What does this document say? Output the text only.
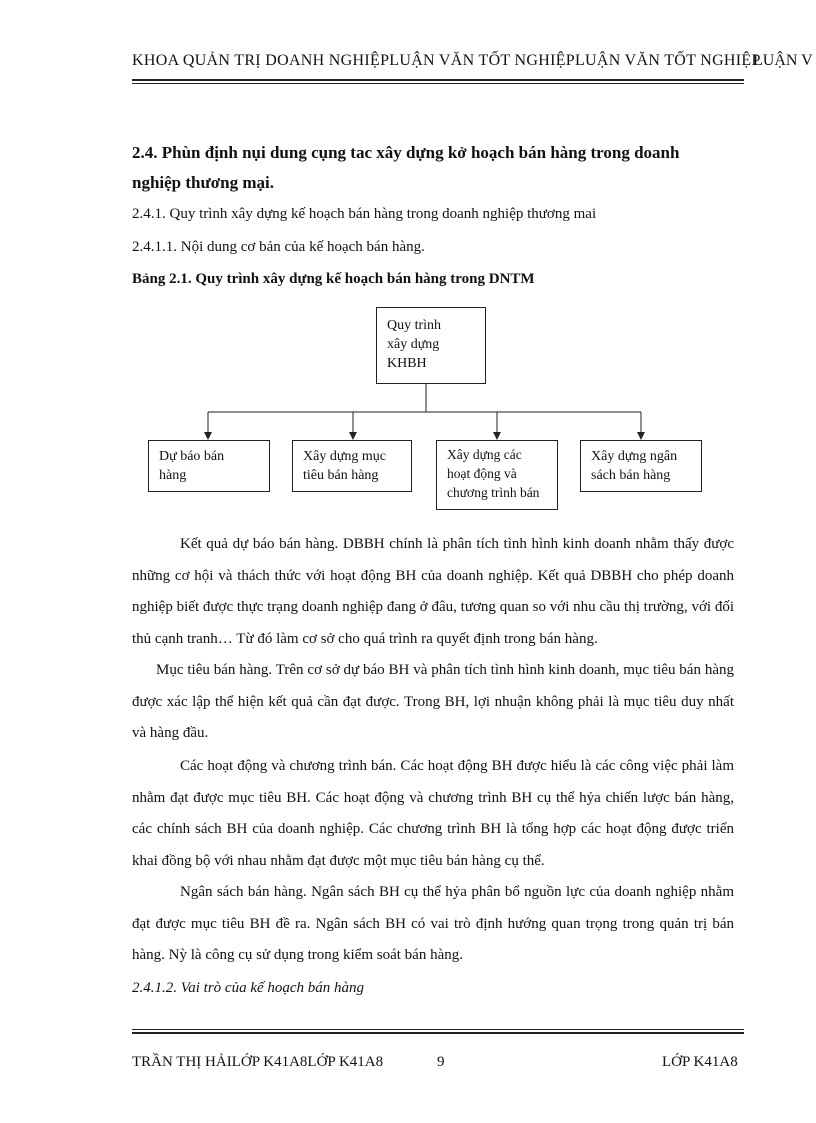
KHOA QUẢN TRỊ DOANH NGHIỆPLUẬN VĂN TỐT NGHIỆPLUẬN VĂN TỐT NGHIỆP
LUẬN V
2.4. Phùn định nụi dung cụng tac xây dựng kở hoạch bán hàng trong doanh nghiệp thương mại.
2.4.1. Quy trình xây dựng kế hoạch bán hàng trong doanh nghiệp thương mai
2.4.1.1. Nội dung cơ bản của kế hoạch bán hàng.
Bảng 2.1. Quy trình xây dựng kế hoạch bán hàng trong DNTM
Quy trình
xây dựng
KHBH
Dự báo bán
hàng
Xây dựng mục
tiêu bán hàng
Xây dựng các
hoạt động và
chương trình bán
Xây dựng ngân
sách bán hàng
Kết quả dự báo bán hàng. DBBH chính là phân tích tình hình kinh doanh nhằm thấy được những cơ hội và thách thức với hoạt động BH của doanh nghiệp. Kết quả DBBH cho phép doanh nghiệp biết được thực trạng doanh nghiệp đang ở đâu, tương quan so với nhu cầu thị trường, với đối thủ cạnh tranh… Từ đó làm cơ sở cho quá trình ra quyết định trong bán hàng.
Mục tiêu bán hàng. Trên cơ sở dự báo BH và phân tích tình hình kinh doanh, mục tiêu bán hàng được xác lập thể hiện kết quả cần đạt được. Trong BH, lợi nhuận không phải là mục tiêu duy nhất và hàng đầu.
Các hoạt động và chương trình bán. Các hoạt động BH được hiểu là các công việc phải làm nhằm đạt được mục tiêu BH. Các hoạt động và chương trình BH cụ thể hỷa chiến lược bán hàng, các chính sách BH của doanh nghiệp. Các chương trình BH là tổng hợp các hoạt động được triển khai đồng bộ với nhau nhằm đạt được một mục tiêu bán hàng cụ thể.
Ngân sách bán hàng. Ngân sách BH cụ thể hỷa phân bổ nguồn lực của doanh nghiệp nhằm đạt được mục tiêu BH đề ra. Ngân sách BH có vai trò định hướng quan trọng trong quản trị bán hàng. Nỳ là công cụ sử dụng trong kiểm soát bán hàng.
2.4.1.2. Vai trò của kế hoạch bán hàng
TRẦN THỊ HẢILỚP K41A8LỚP K41A8	9	LỚP K41A8
